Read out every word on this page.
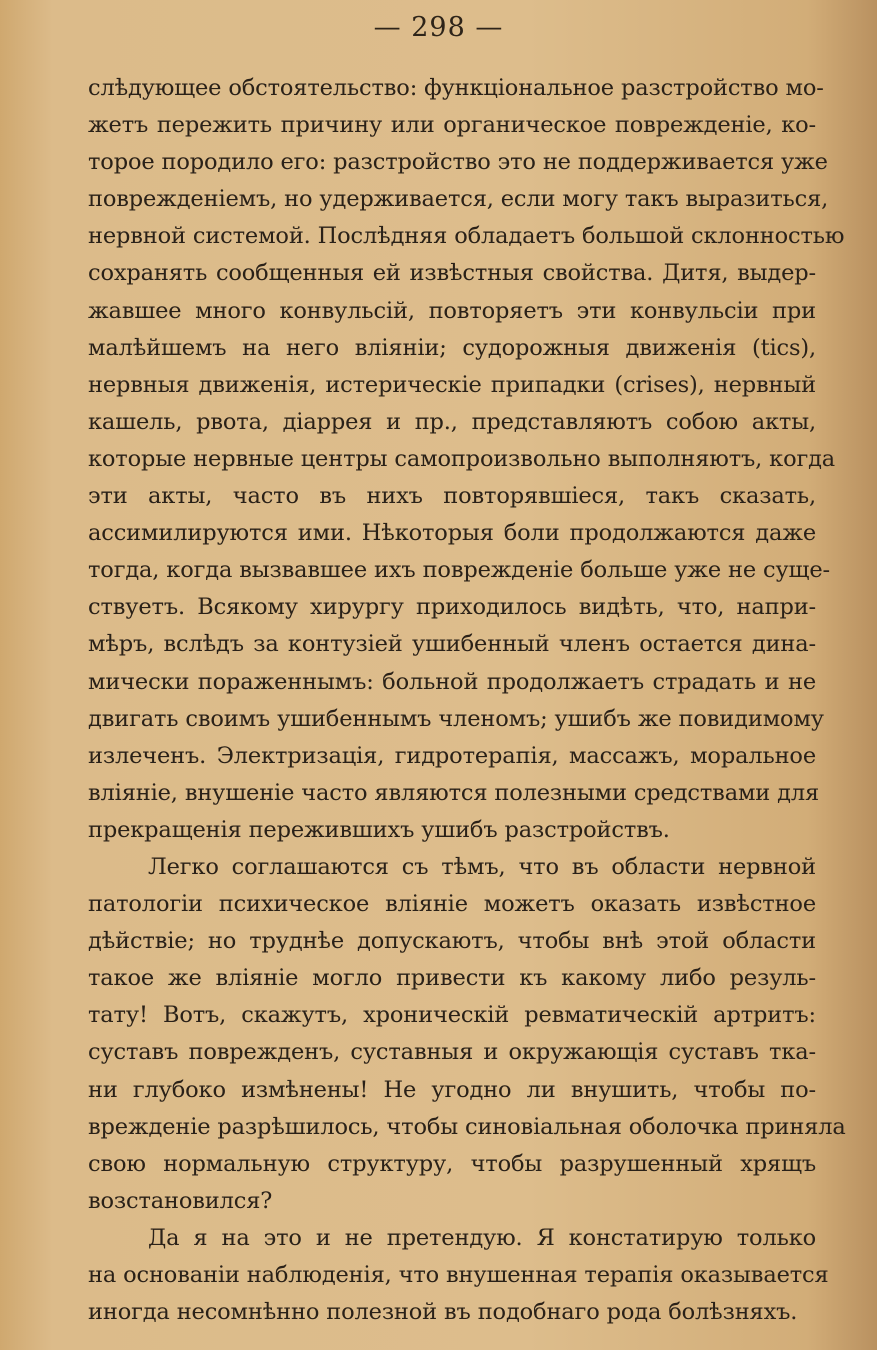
— 298 —
слѣдующее обстоятельство: функціональное разстройство мо-
жетъ пережить причину или органическое поврежденіе, ко-
торое породило его: разстройство это не поддерживается уже
поврежденіемъ, но удерживается, если могу такъ выразиться,
нервной системой. Послѣдняя обладаетъ большой склонностью
сохранять сообщенныя ей извѣстныя свойства. Дитя, выдер-
жавшее много конвульсій, повторяетъ эти конвульсіи при
малѣйшемъ на него вліяніи; судорожныя движенія (tics),
нервныя движенія, истерическіе припадки (crises), нервный
кашель, рвота, діаррея и пр., представляютъ собою акты,
которые нервные центры самопроизвольно выполняютъ, когда
эти акты, часто въ нихъ повторявшіеся, такъ сказать,
ассимилируются ими. Нѣкоторыя боли продолжаются даже
тогда, когда вызвавшее ихъ поврежденіе больше уже не суще-
ствуетъ. Всякому хирургу приходилось видѣть, что, напри-
мѣръ, вслѣдъ за контузіей ушибенный членъ остается дина-
мически пораженнымъ: больной продолжаетъ страдать и не
двигать своимъ ушибеннымъ членомъ; ушибъ же повидимому
излеченъ. Электризація, гидротерапія, массажъ, моральное
вліяніе, внушеніе часто являются полезными средствами для
прекращенія пережившихъ ушибъ разстройствъ.
Легко соглашаются съ тѣмъ, что въ области нервной
патологіи психическое вліяніе можетъ оказать извѣстное
дѣйствіе; но труднѣе допускаютъ, чтобы внѣ этой области
такое же вліяніе могло привести къ какому либо резуль-
тату! Вотъ, скажутъ, хроническій ревматическій артритъ:
суставъ поврежденъ, суставныя и окружающія суставъ тка-
ни глубоко измѣнены! Не угодно ли внушить, чтобы по-
врежденіе разрѣшилось, чтобы синовіальная оболочка приняла
свою нормальную структуру, чтобы разрушенный хрящъ
возстановился?
Да я на это и не претендую. Я констатирую только
на основаніи наблюденія, что внушенная терапія оказывается
иногда несомнѣнно полезной въ подобнаго рода болѣзняхъ.
